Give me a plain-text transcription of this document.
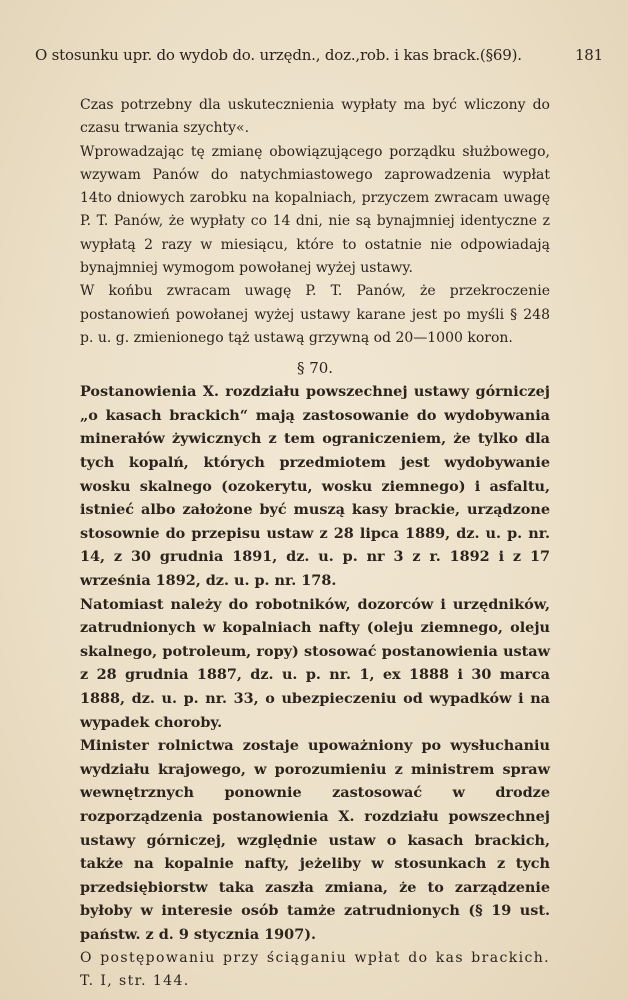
O stosunku upr. do wydob do. urzędn., doz.,rob. i kas brack.(§69).	181

Czas potrzebny dla uskutecznienia wypłaty ma być wliczony do czasu trwania szychty«.

Wprowadzając tę zmianę obowiązującego porządku służbowego, wzywam Panów do natychmiastowego zaprowadzenia wypłat 14to dniowych zarobku na kopalniach, przyczem zwracam uwagę P. T. Panów, że wypłaty co 14 dni, nie są bynajmniej identyczne z wypłatą 2 razy w miesiącu, które to ostatnie nie odpowiadają bynajmniej wymogom powołanej wyżej ustawy.

W końbu zwracam uwagę P. T. Panów, że przekroczenie postanowień powołanej wyżej ustawy karane jest po myśli § 248 p. u. g. zmienionego tąż ustawą grzywną od 20—1000 koron.

§ 70.

Postanowienia X. rozdziału powszechnej ustawy górniczej „o kasach brackich“ mają zastosowanie do wydobywania minerałów żywicznych z tem ograniczeniem, że tylko dla tych kopalń, których przedmiotem jest wydobywanie wosku skalnego (ozokerytu, wosku ziemnego) i asfaltu, istnieć albo założone być muszą kasy brackie, urządzone stosownie do przepisu ustaw z 28 lipca 1889, dz. u. p. nr. 14, z 30 grudnia 1891, dz. u. p. nr 3 z r. 1892 i z 17 września 1892, dz. u. p. nr. 178.

Natomiast należy do robotników, dozorców i urzędników, zatrudnionych w kopalniach nafty (oleju ziemnego, oleju skalnego, potroleum, ropy) stosować postanowienia ustaw z 28 grudnia 1887, dz. u. p. nr. 1, ex 1888 i 30 marca 1888, dz. u. p. nr. 33, o ubezpieczeniu od wypadków i na wypadek choroby.

Minister rolnictwa zostaje upoważniony po wysłuchaniu wydziału krajowego, w porozumieniu z ministrem spraw wewnętrznych ponownie zastosować w drodze rozporządzenia postanowienia X. rozdziału powszechnej ustawy górniczej, względnie ustaw o kasach brackich, także na kopalnie nafty, jeżeliby w stosunkach z tych przedsiębiorstw taka zaszła zmiana, że to zarządzenie byłoby w interesie osób tamże zatrudnionych (§ 19 ust. państw. z d. 9 stycznia 1907).

O postępowaniu przy ściąganiu wpłat do kas brackich. T. I, str. 144.
